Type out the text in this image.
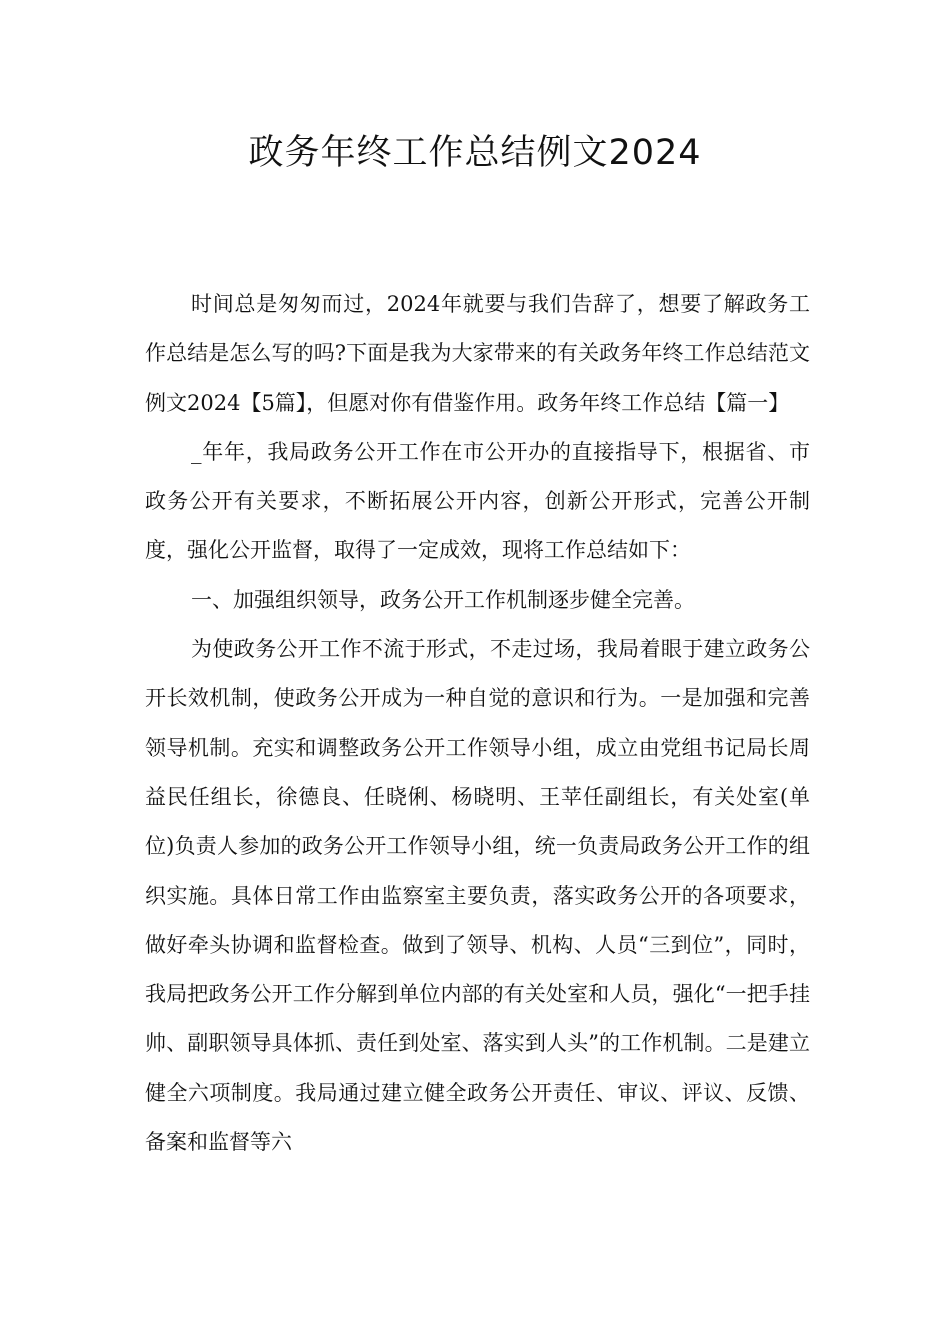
政务年终工作总结例文2024

时间总是匆匆而过，2024年就要与我们告辞了，想要了解政务工作总结是怎么写的吗?下面是我为大家带来的有关政务年终工作总结范文例文2024【5篇】，但愿对你有借鉴作用。政务年终工作总结【篇一】

_年年，我局政务公开工作在市公开办的直接指导下，根据省、市政务公开有关要求，不断拓展公开内容，创新公开形式，完善公开制度，强化公开监督，取得了一定成效，现将工作总结如下：

一、加强组织领导，政务公开工作机制逐步健全完善。

为使政务公开工作不流于形式，不走过场，我局着眼于建立政务公开长效机制，使政务公开成为一种自觉的意识和行为。一是加强和完善领导机制。充实和调整政务公开工作领导小组，成立由党组书记局长周益民任组长，徐德良、任晓俐、杨晓明、王苹任副组长，有关处室(单位)负责人参加的政务公开工作领导小组，统一负责局政务公开工作的组织实施。具体日常工作由监察室主要负责，落实政务公开的各项要求，做好牵头协调和监督检查。做到了领导、机构、人员“三到位”，同时，我局把政务公开工作分解到单位内部的有关处室和人员，强化“一把手挂帅、副职领导具体抓、责任到处室、落实到人头”的工作机制。二是建立健全六项制度。我局通过建立健全政务公开责任、审议、评议、反馈、备案和监督等六
